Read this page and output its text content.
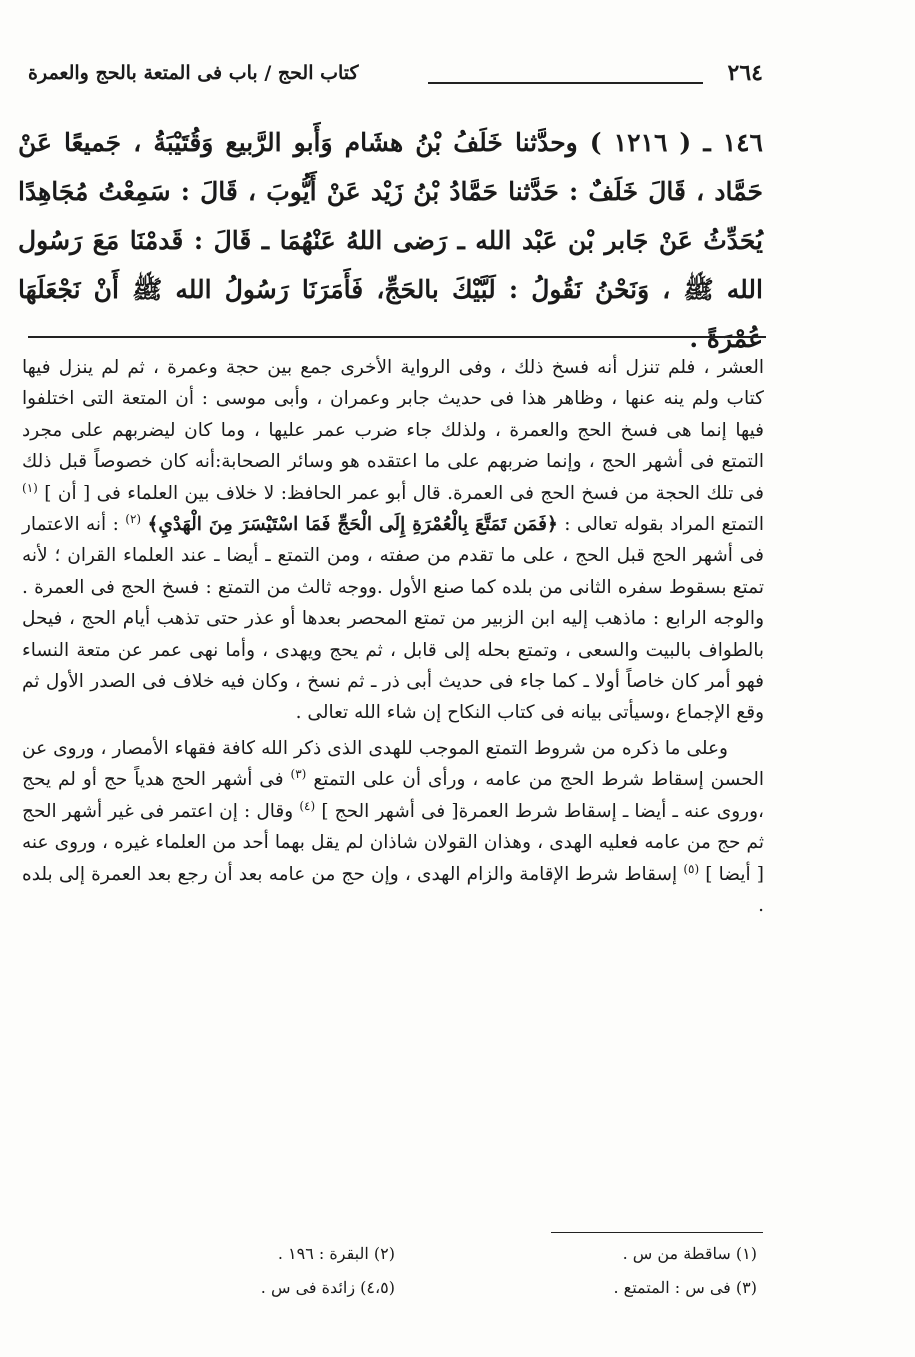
٢٦٤
كتاب الحج / باب فى المتعة بالحج والعمرة

١٤٦ ـ ( ١٢١٦ ) وحدَّثنا خَلَفُ بْنُ هشَام وَأَبو الرَّبيع وَقُتَيْبَةُ ، جَميعًا عَنْ حَمَّاد ، قَالَ خَلَفٌ : حَدَّثنا حَمَّادُ بْنُ زَيْد عَنْ أَيُّوبَ ، قَالَ : سَمِعْتُ مُجَاهِدًا يُحَدِّثُ عَنْ جَابر بْن عَبْد الله ـ رَضى اللهُ عَنْهُمَا ـ قَالَ : قَدمْنَا مَعَ رَسُول الله ﷺ ، وَنَحْنُ نَقُولُ : لَبَّيْكَ بالحَجِّ، فَأَمَرَنَا رَسُولُ الله ﷺ أَنْ نَجْعَلَهَا عُمْرَةً .

العشر ، فلم تنزل أنه فسخ ذلك ، وفى الرواية الأخرى جمع بين حجة وعمرة ، ثم لم ينزل فيها كتاب ولم ينه عنها ، وظاهر هذا فى حديث جابر وعمران ، وأبى موسى : أن المتعة التى اختلفوا فيها إنما هى فسخ الحج والعمرة ، ولذلك جاء ضرب عمر عليها ، وما كان ليضربهم على مجرد التمتع فى أشهر الحج ، وإنما ضربهم على ما اعتقده هو وسائر الصحابة:أنه كان خصوصاً قبل ذلك فى تلك الحجة من فسخ الحج فى العمرة. قال أبو عمر الحافظ: لا خلاف بين العلماء فى [ أن ] $^{(١)}$ التمتع المراد بقوله تعالى : ﴿فَمَن تَمَتَّعَ بِالْعُمْرَةِ إِلَى الْحَجِّ فَمَا اسْتَيْسَرَ مِنَ الْهَدْيِ﴾ $^{(٢)}$ : أنه الاعتمار فى أشهر الحج قبل الحج ، على ما تقدم من صفته ، ومن التمتع ـ أيضا ـ عند العلماء القران ؛ لأنه تمتع بسقوط سفره الثانى من بلده كما صنع الأول .ووجه ثالث من التمتع : فسخ الحج فى العمرة . والوجه الرابع : ماذهب إليه ابن الزبير من تمتع المحصر بعدها أو عذر حتى تذهب أيام الحج ، فيحل بالطواف بالبيت والسعى ، وتمتع بحله إلى قابل ، ثم يحج ويهدى ، وأما نهى عمر عن متعة النساء فهو أمر كان خاصاً أولا ـ كما جاء فى حديث أبى ذر ـ ثم نسخ ، وكان فيه خلاف فى الصدر الأول ثم وقع الإجماع ،وسيأتى بيانه فى كتاب النكاح إن شاء الله تعالى .

وعلى ما ذكره من شروط التمتع الموجب للهدى الذى ذكر الله كافة فقهاء الأمصار ، وروى عن الحسن إسقاط شرط الحج من عامه ، ورأى أن على التمتع $^{(٣)}$ فى أشهر الحج هدياً حج أو لم يحج ،وروى عنه ـ أيضا ـ إسقاط شرط العمرة[ فى أشهر الحج ] $^{(٤)}$ وقال : إن اعتمر فى غير أشهر الحج ثم حج من عامه فعليه الهدى ، وهذان القولان شاذان لم يقل بهما أحد من العلماء غيره ، وروى عنه [ أيضا ] $^{(٥)}$ إسقاط شرط الإقامة والزام الهدى ، وإن حج من عامه بعد أن رجع بعد العمرة إلى بلده .

(١) ساقطة من س .
(٢) البقرة : ١٩٦ .
(٣) فى س : المتمتع .
(٤،٥) زائدة فى س .
